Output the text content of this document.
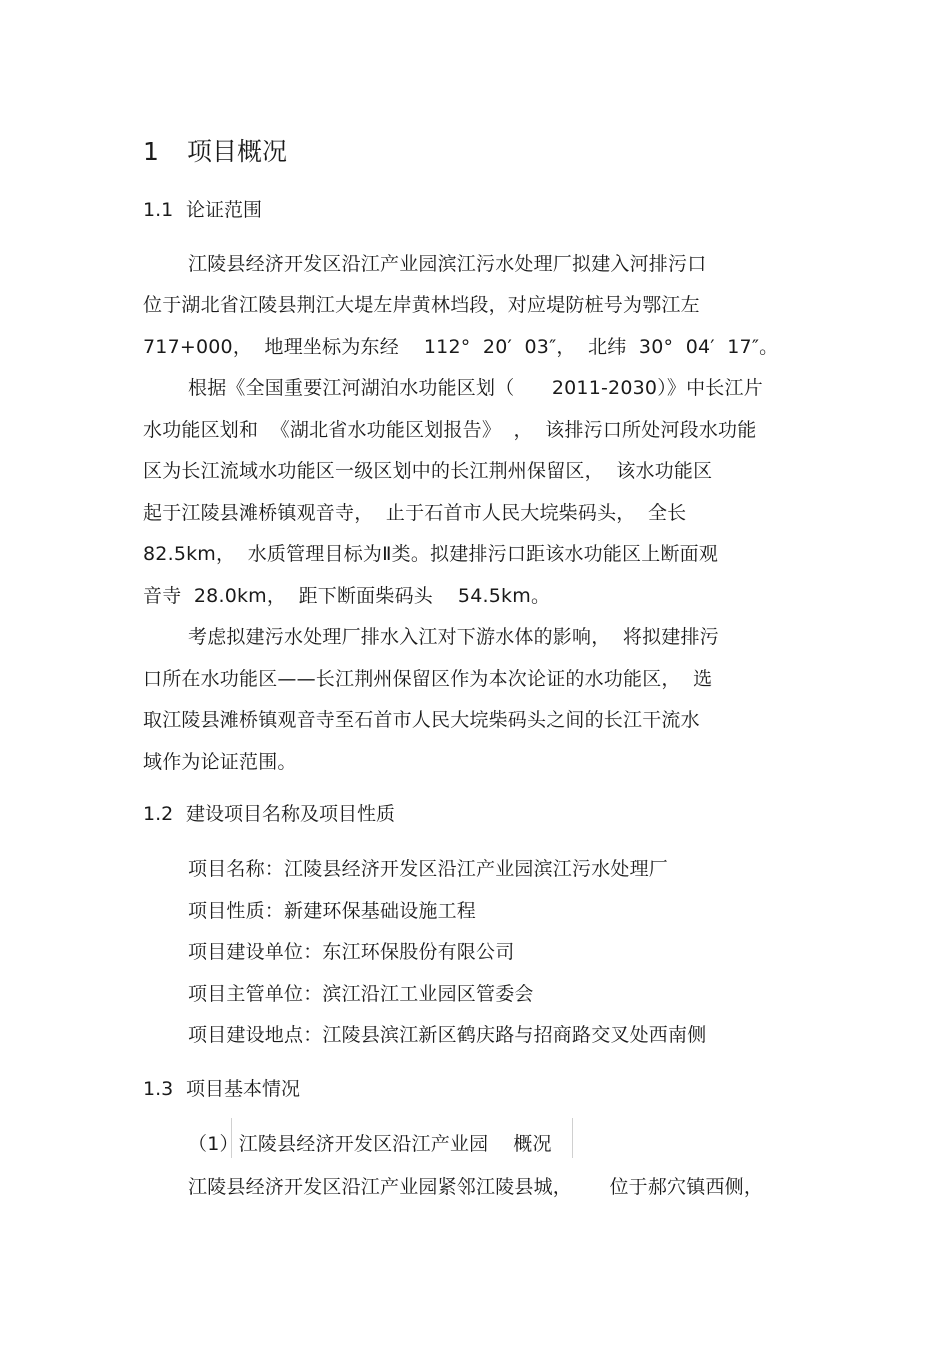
1 项目概况
1.1 论证范围
江陵县经济开发区沿江产业园滨江污水处理厂拟建入河排污口
位于湖北省江陵县荆江大堤左岸黄林垱段，对应堤防桩号为鄂江左
717+000，  地理坐标为东经    112°  20′  03″，  北纬  30°  04′  17″。
根据《全国重要江河湖泊水功能区划（      2011-2030）》中长江片
水功能区划和  《湖北省水功能区划报告》  ，  该排污口所处河段水功能
区为长江流域水功能区一级区划中的长江荆州保留区，  该水功能区
起于江陵县滩桥镇观音寺，  止于石首市人民大垸柴码头，  全长
82.5km，  水质管理目标为Ⅱ类。拟建排污口距该水功能区上断面观
音寺  28.0km，  距下断面柴码头    54.5km。
考虑拟建污水处理厂排水入江对下游水体的影响，  将拟建排污
口所在水功能区——长江荆州保留区作为本次论证的水功能区，  选
取江陵县滩桥镇观音寺至石首市人民大垸柴码头之间的长江干流水
域作为论证范围。
1.2 建设项目名称及项目性质
项目名称：江陵县经济开发区沿江产业园滨江污水处理厂
项目性质：新建环保基础设施工程
项目建设单位：东江环保股份有限公司
项目主管单位：滨江沿江工业园区管委会
项目建设地点：江陵县滨江新区鹤庆路与招商路交叉处西南侧
1.3 项目基本情况
（1）江陵县经济开发区沿江产业园    概况
江陵县经济开发区沿江产业园紧邻江陵县城，      位于郝穴镇西侧，
